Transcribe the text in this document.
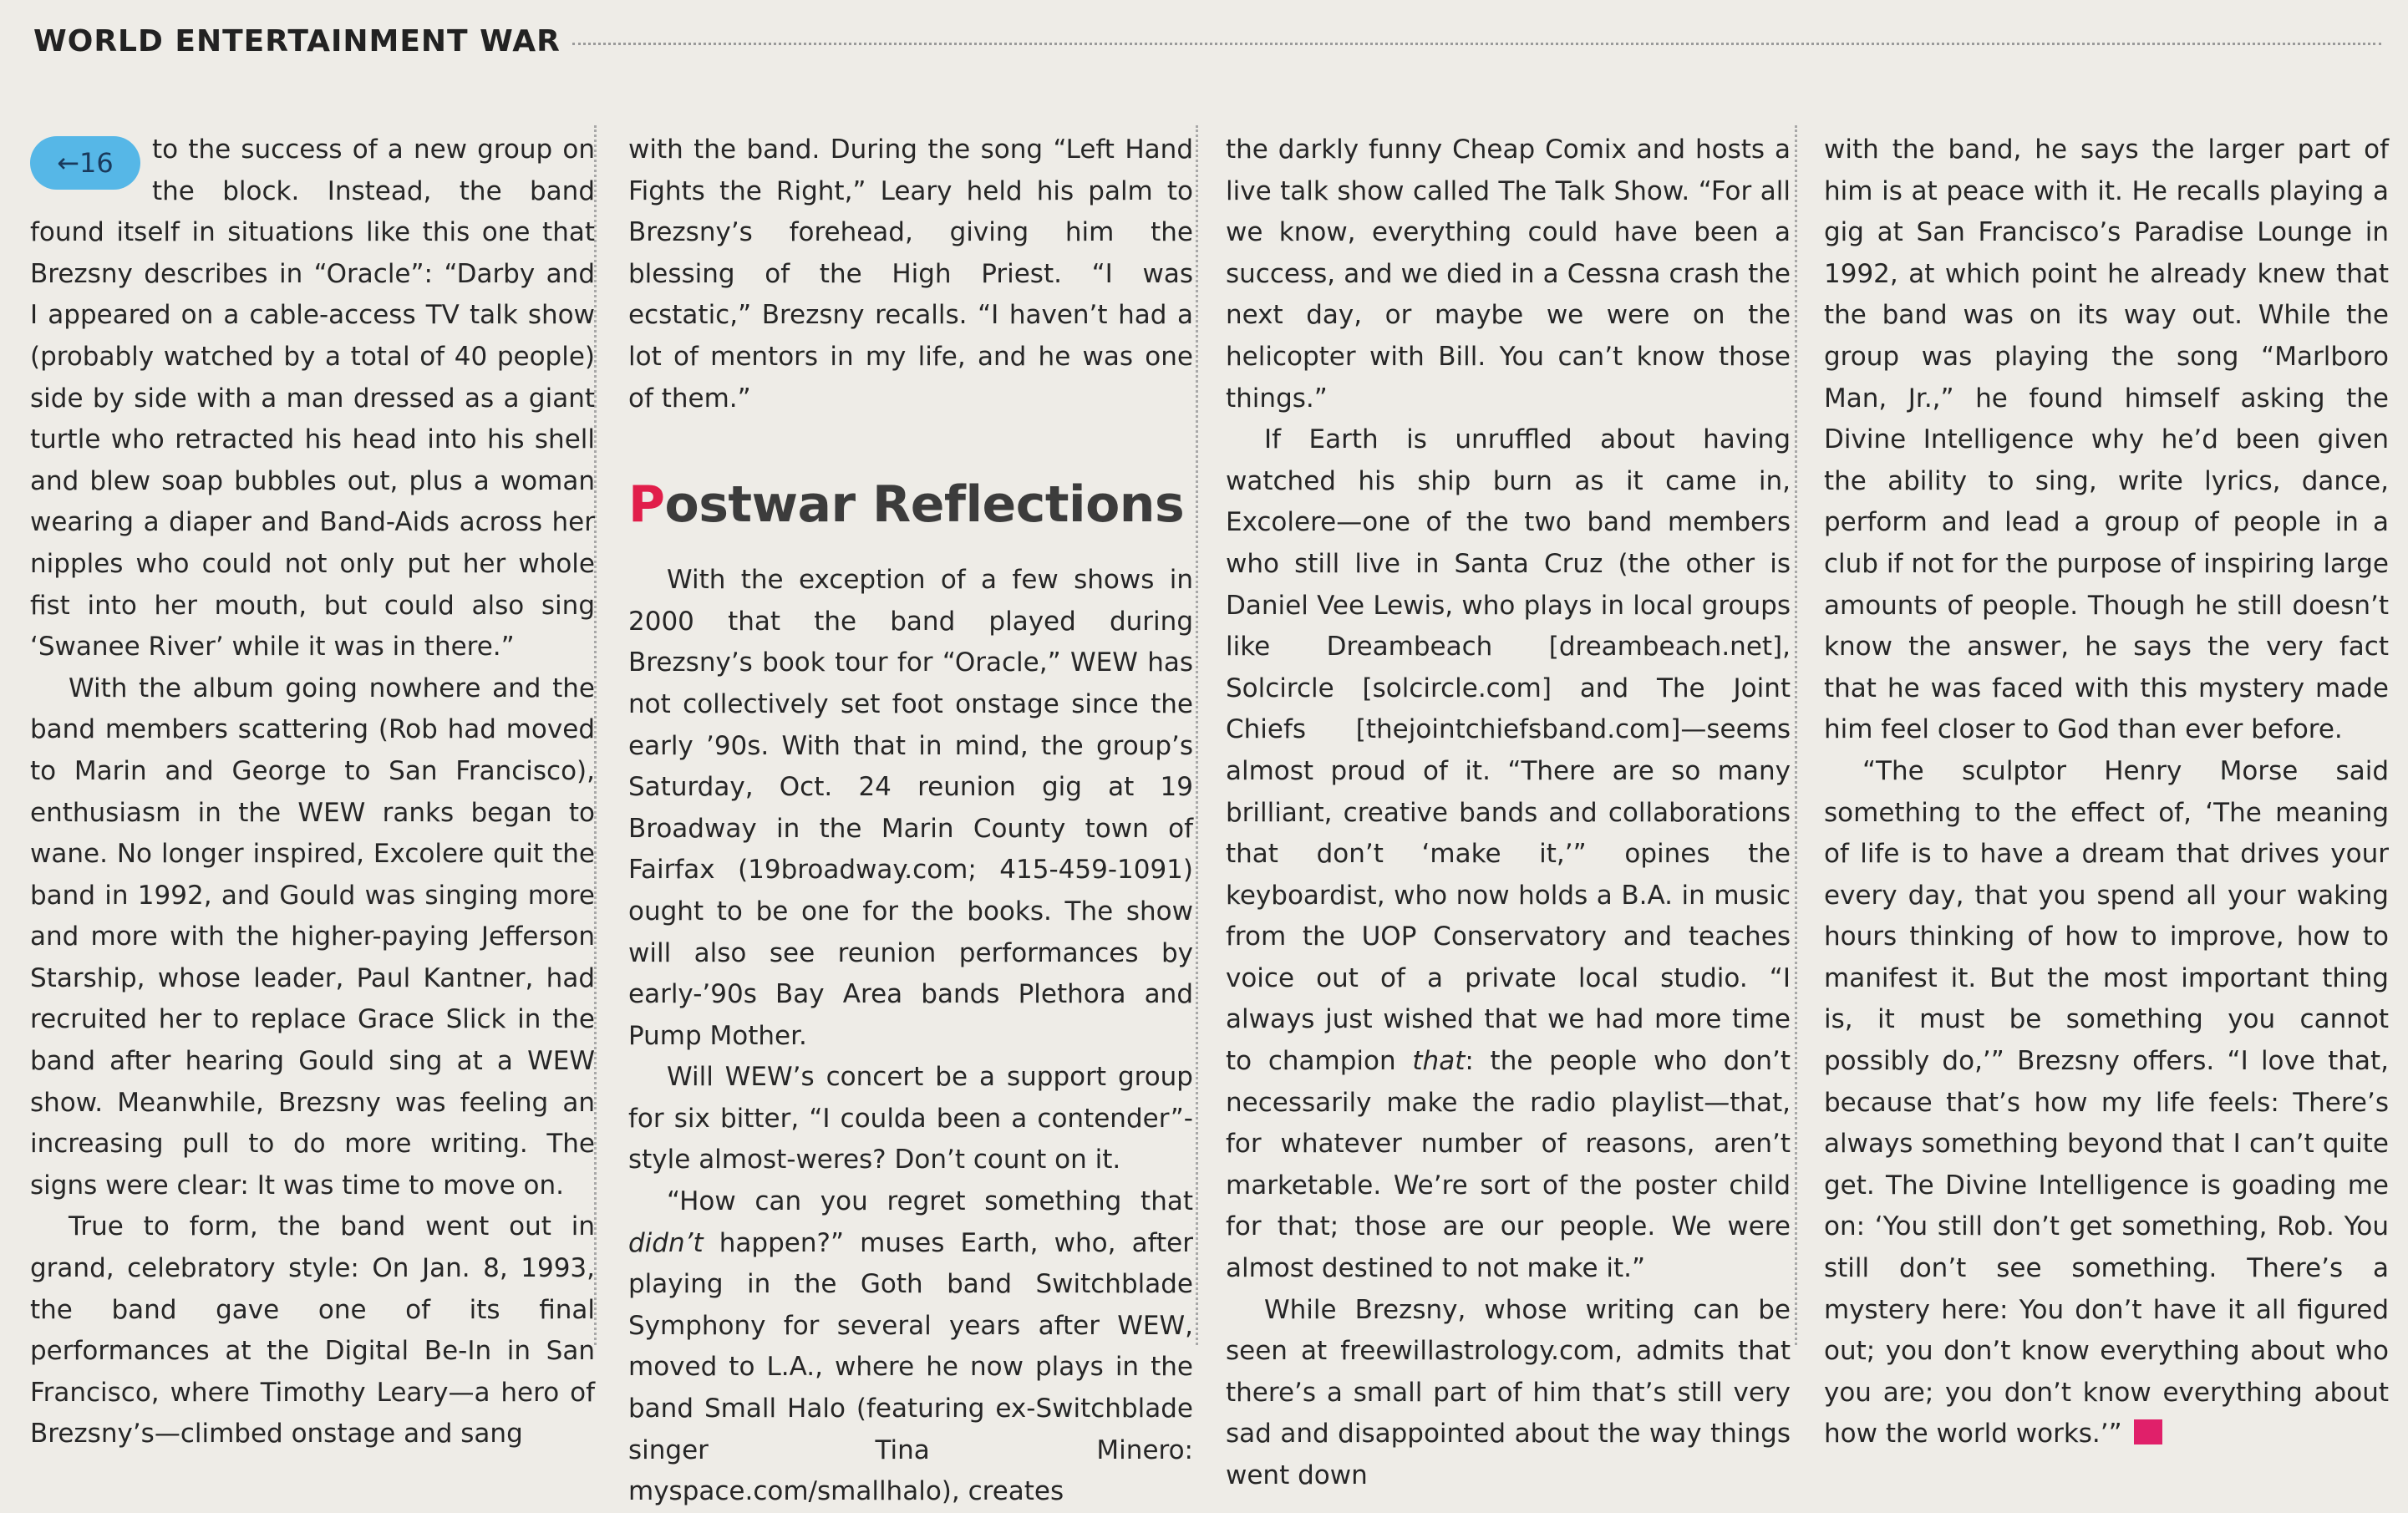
WORLD ENTERTAINMENT WAR
←16	to the success of a new group on the block. Instead, the band found itself in situations like this one that Brezsny describes in “Oracle”: “Darby and I appeared on a cable-access TV talk show (probably watched by a total of 40 people) side by side with a man dressed as a giant turtle who retracted his head into his shell and blew soap bubbles out, plus a woman wearing a diaper and Band-Aids across her nipples who could not only put her whole fist into her mouth, but could also sing ‘Swanee River’ while it was in there.”

With the album going nowhere and the band members scattering (Rob had moved to Marin and George to San Francisco), enthusiasm in the WEW ranks began to wane. No longer inspired, Excolere quit the band in 1992, and Gould was singing more and more with the higher-paying Jefferson Starship, whose leader, Paul Kantner, had recruited her to replace Grace Slick in the band after hearing Gould sing at a WEW show. Meanwhile, Brezsny was feeling an increasing pull to do more writing. The signs were clear: It was time to move on.

True to form, the band went out in grand, celebratory style: On Jan. 8, 1993, the band gave one of its final performances at the Digital Be-In in San Francisco, where Timothy Leary—a hero of Brezsny’s—climbed onstage and sang

with the band. During the song “Left Hand Fights the Right,” Leary held his palm to Brezsny’s forehead, giving him the blessing of the High Priest. “I was ecstatic,” Brezsny recalls. “I haven’t had a lot of mentors in my life, and he was one of them.”

Postwar Reflections

With the exception of a few shows in 2000 that the band played during Brezsny’s book tour for “Oracle,” WEW has not collectively set foot onstage since the early ’90s. With that in mind, the group’s Saturday, Oct. 24 reunion gig at 19 Broadway in the Marin County town of Fairfax (19broadway.com; 415-459-1091) ought to be one for the books. The show will also see reunion performances by early-’90s Bay Area bands Plethora and Pump Mother.

Will WEW’s concert be a support group for six bitter, “I coulda been a contender”-style almost-weres? Don’t count on it.

“How can you regret something that didn’t happen?” muses Earth, who, after playing in the Goth band Switchblade Symphony for several years after WEW, moved to L.A., where he now plays in the band Small Halo (featuring ex-Switchblade singer Tina Minero: myspace.com/smallhalo), creates

the darkly funny Cheap Comix and hosts a live talk show called The Talk Show. “For all we know, everything could have been a success, and we died in a Cessna crash the next day, or maybe we were on the helicopter with Bill. You can’t know those things.”

If Earth is unruffled about having watched his ship burn as it came in, Excolere—one of the two band members who still live in Santa Cruz (the other is Daniel Vee Lewis, who plays in local groups like Dreambeach [dreambeach.net], Solcircle [solcircle.com] and The Joint Chiefs [thejointchiefsband.com]—seems almost proud of it. “There are so many brilliant, creative bands and collaborations that don’t ‘make it,’” opines the keyboardist, who now holds a B.A. in music from the UOP Conservatory and teaches voice out of a private local studio. “I always just wished that we had more time to champion that: the people who don’t necessarily make the radio playlist—that, for whatever number of reasons, aren’t marketable. We’re sort of the poster child for that; those are our people. We were almost destined to not make it.”

While Brezsny, whose writing can be seen at freewillastrology.com, admits that there’s a small part of him that’s still very sad and disappointed about the way things went down

with the band, he says the larger part of him is at peace with it. He recalls playing a gig at San Francisco’s Paradise Lounge in 1992, at which point he already knew that the band was on its way out. While the group was playing the song “Marlboro Man, Jr.,” he found himself asking the Divine Intelligence why he’d been given the ability to sing, write lyrics, dance, perform and lead a group of people in a club if not for the purpose of inspiring large amounts of people. Though he still doesn’t know the answer, he says the very fact that he was faced with this mystery made him feel closer to God than ever before.

“The sculptor Henry Morse said something to the effect of, ‘The meaning of life is to have a dream that drives your every day, that you spend all your waking hours thinking of how to improve, how to manifest it. But the most important thing is, it must be something you cannot possibly do,’” Brezsny offers. “I love that, because that’s how my life feels: There’s always something beyond that I can’t quite get. The Divine Intelligence is goading me on: ‘You still don’t get something, Rob. You still don’t see something. There’s a mystery here: You don’t have it all figured out; you don’t know everything about who you are; you don’t know everything about how the world works.’”
